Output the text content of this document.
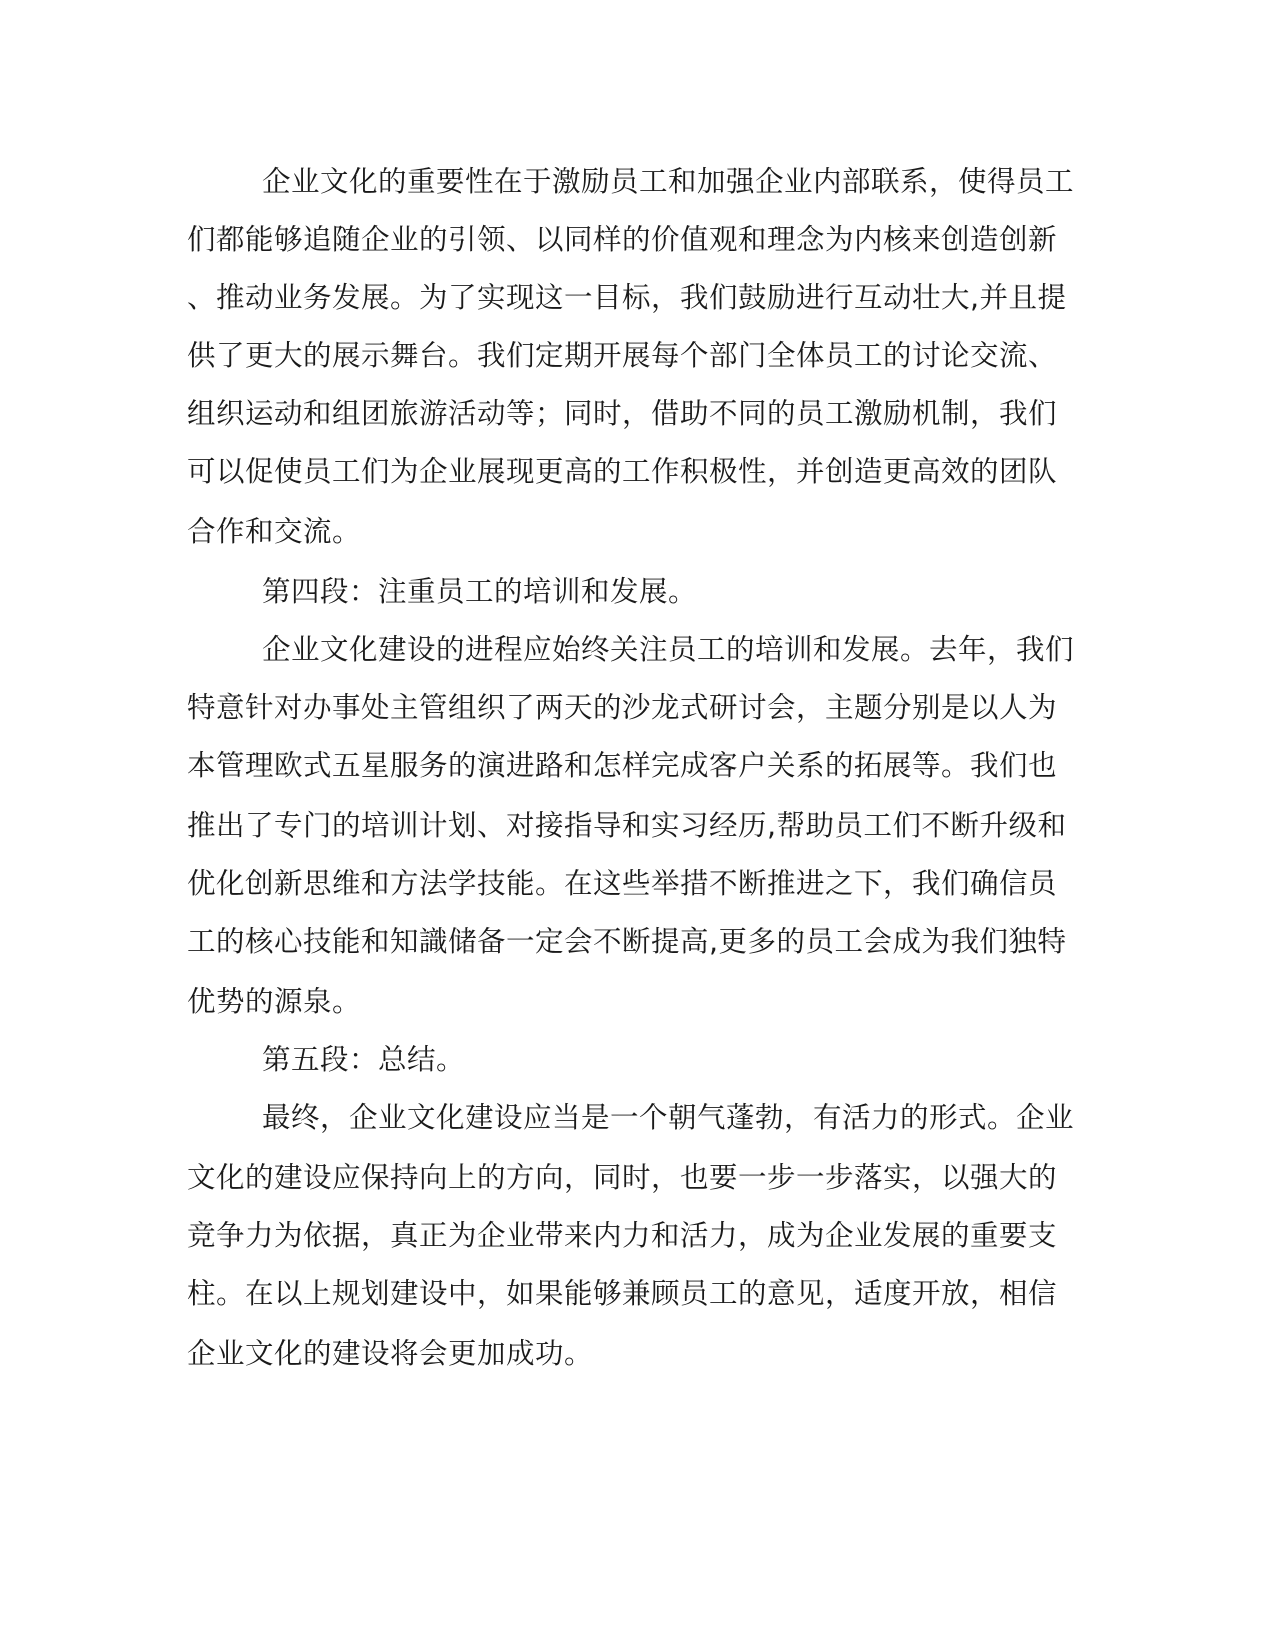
企业文化的重要性在于激励员工和加强企业内部联系，使得员工
们都能够追随企业的引领、以同样的价值观和理念为内核来创造创新
、推动业务发展。为了实现这一目标，我们鼓励进行互动壮大,并且提
供了更大的展示舞台。我们定期开展每个部门全体员工的讨论交流、
组织运动和组团旅游活动等；同时，借助不同的员工激励机制，我们
可以促使员工们为企业展现更高的工作积极性，并创造更高效的团队
合作和交流。
第四段：注重员工的培训和发展。
企业文化建设的进程应始终关注员工的培训和发展。去年，我们
特意针对办事处主管组织了两天的沙龙式研讨会，主题分别是以人为
本管理欧式五星服务的演进路和怎样完成客户关系的拓展等。我们也
推出了专门的培训计划、对接指导和实习经历,帮助员工们不断升级和
优化创新思维和方法学技能。在这些举措不断推进之下，我们确信员
工的核心技能和知識储备一定会不断提高,更多的员工会成为我们独特
优势的源泉。
第五段：总结。
最终，企业文化建设应当是一个朝气蓬勃，有活力的形式。企业
文化的建设应保持向上的方向，同时，也要一步一步落实，以强大的
竞争力为依据，真正为企业带来内力和活力，成为企业发展的重要支
柱。在以上规划建设中，如果能够兼顾员工的意见，适度开放，相信
企业文化的建设将会更加成功。
